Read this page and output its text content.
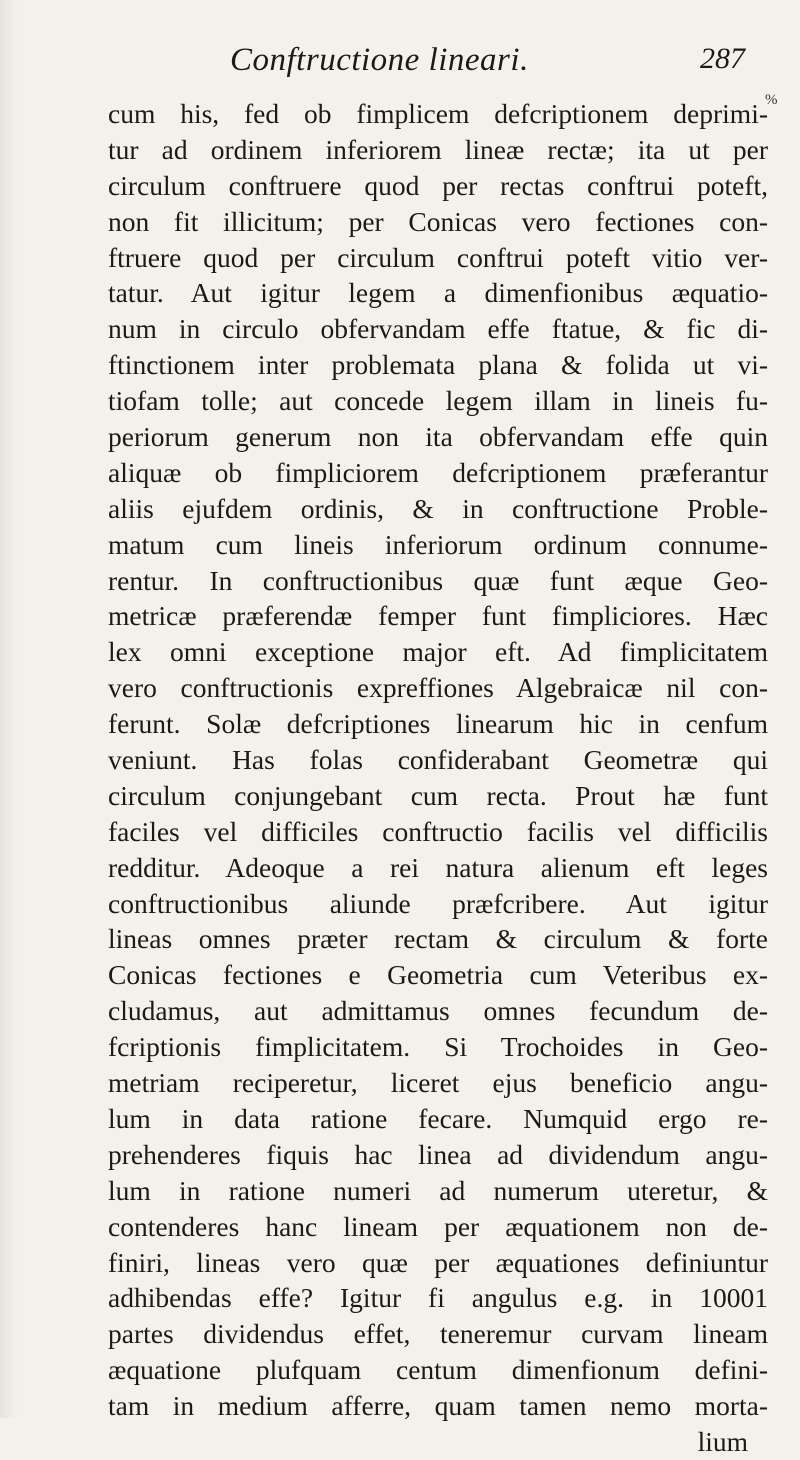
Conftructione lineari.	287
%
cum his, fed ob fimplicem defcriptionem deprimi-
tur ad ordinem inferiorem lineæ rectæ; ita ut per
circulum conftruere quod per rectas conftrui poteft,
non fit illicitum; per Conicas vero fectiones con-
ftruere quod per circulum conftrui poteft vitio ver-
tatur. Aut igitur legem a dimenfionibus æquatio-
num in circulo obfervandam effe ftatue, & fic di-
ftinctionem inter problemata plana & folida ut vi-
tiofam tolle; aut concede legem illam in lineis fu-
periorum generum non ita obfervandam effe quin
aliquæ ob fimpliciorem defcriptionem præferantur
aliis ejufdem ordinis, & in conftructione Proble-
matum cum lineis inferiorum ordinum connume-
rentur. In conftructionibus quæ funt æque Geo-
metricæ præferendæ femper funt fimpliciores. Hæc
lex omni exceptione major eft. Ad fimplicitatem
vero conftructionis expreffiones Algebraicæ nil con-
ferunt. Solæ defcriptiones linearum hic in cenfum
veniunt. Has folas confiderabant Geometræ qui
circulum conjungebant cum recta. Prout hæ funt
faciles vel difficiles conftructio facilis vel difficilis
redditur. Adeoque a rei natura alienum eft leges
conftructionibus aliunde præfcribere. Aut igitur
lineas omnes præter rectam & circulum & forte
Conicas fectiones e Geometria cum Veteribus ex-
cludamus, aut admittamus omnes fecundum de-
fcriptionis fimplicitatem. Si Trochoides in Geo-
metriam reciperetur, liceret ejus beneficio angu-
lum in data ratione fecare. Numquid ergo re-
prehenderes fiquis hac linea ad dividendum angu-
lum in ratione numeri ad numerum uteretur, &
contenderes hanc lineam per æquationem non de-
finiri, lineas vero quæ per æquationes definiuntur
adhibendas effe? Igitur fi angulus e.g. in 10001
partes dividendus effet, teneremur curvam lineam
æquatione plufquam centum dimenfionum defini-
tam in medium afferre, quam tamen nemo morta-
lium
